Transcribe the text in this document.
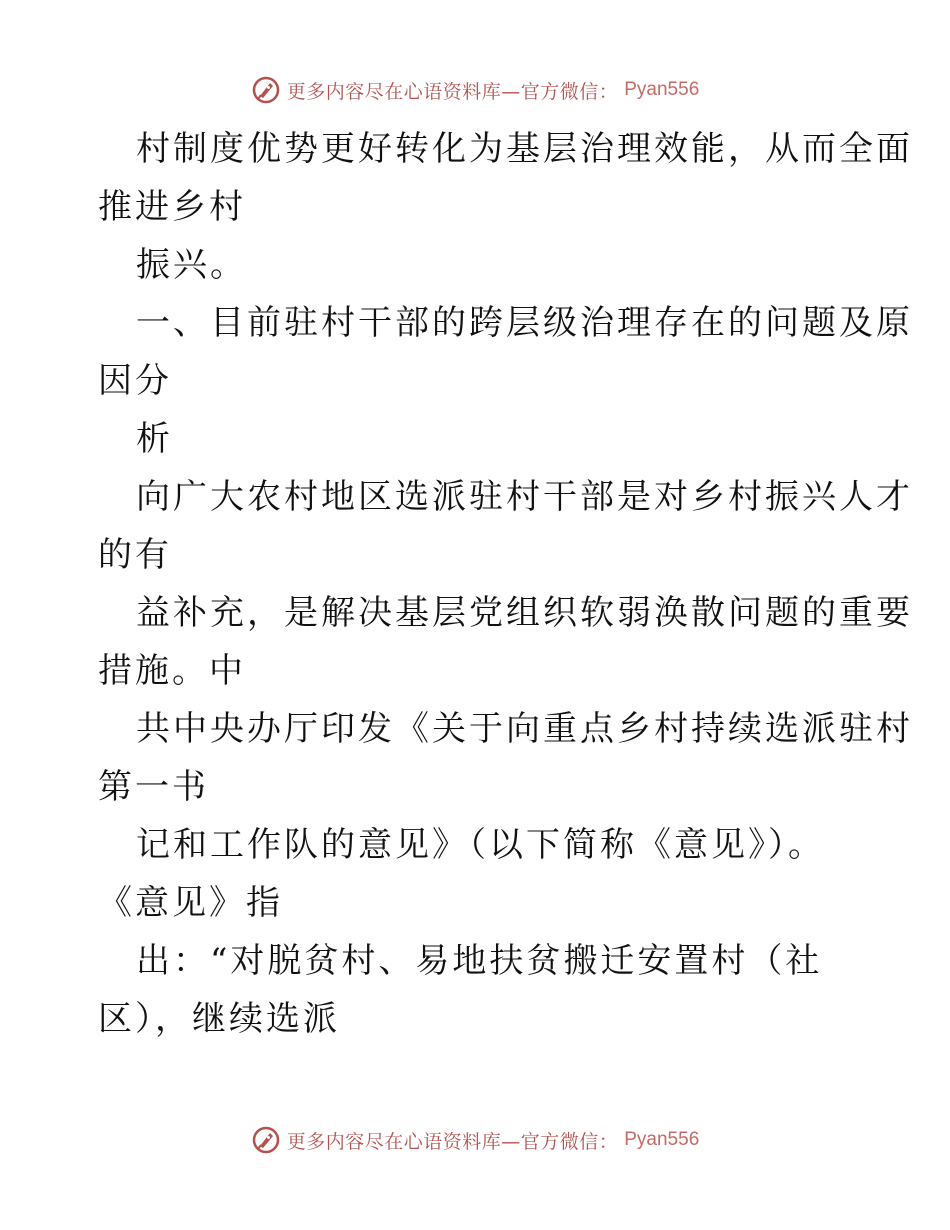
更多内容尽在心语资料库—官方微信： Pyan556
村制度优势更好转化为基层治理效能，从而全面
推进乡村
振兴。
一、目前驻村干部的跨层级治理存在的问题及原
因分
析
向广大农村地区选派驻村干部是对乡村振兴人才
的有
益补充，是解决基层党组织软弱涣散问题的重要
措施。中
共中央办厅印发《关于向重点乡村持续选派驻村
第一书
记和工作队的意见》（以下简称《意见》）。
《意见》指
出：“对脱贫村、易地扶贫搬迁安置村（社
区），继续选派
更多内容尽在心语资料库—官方微信： Pyan556
